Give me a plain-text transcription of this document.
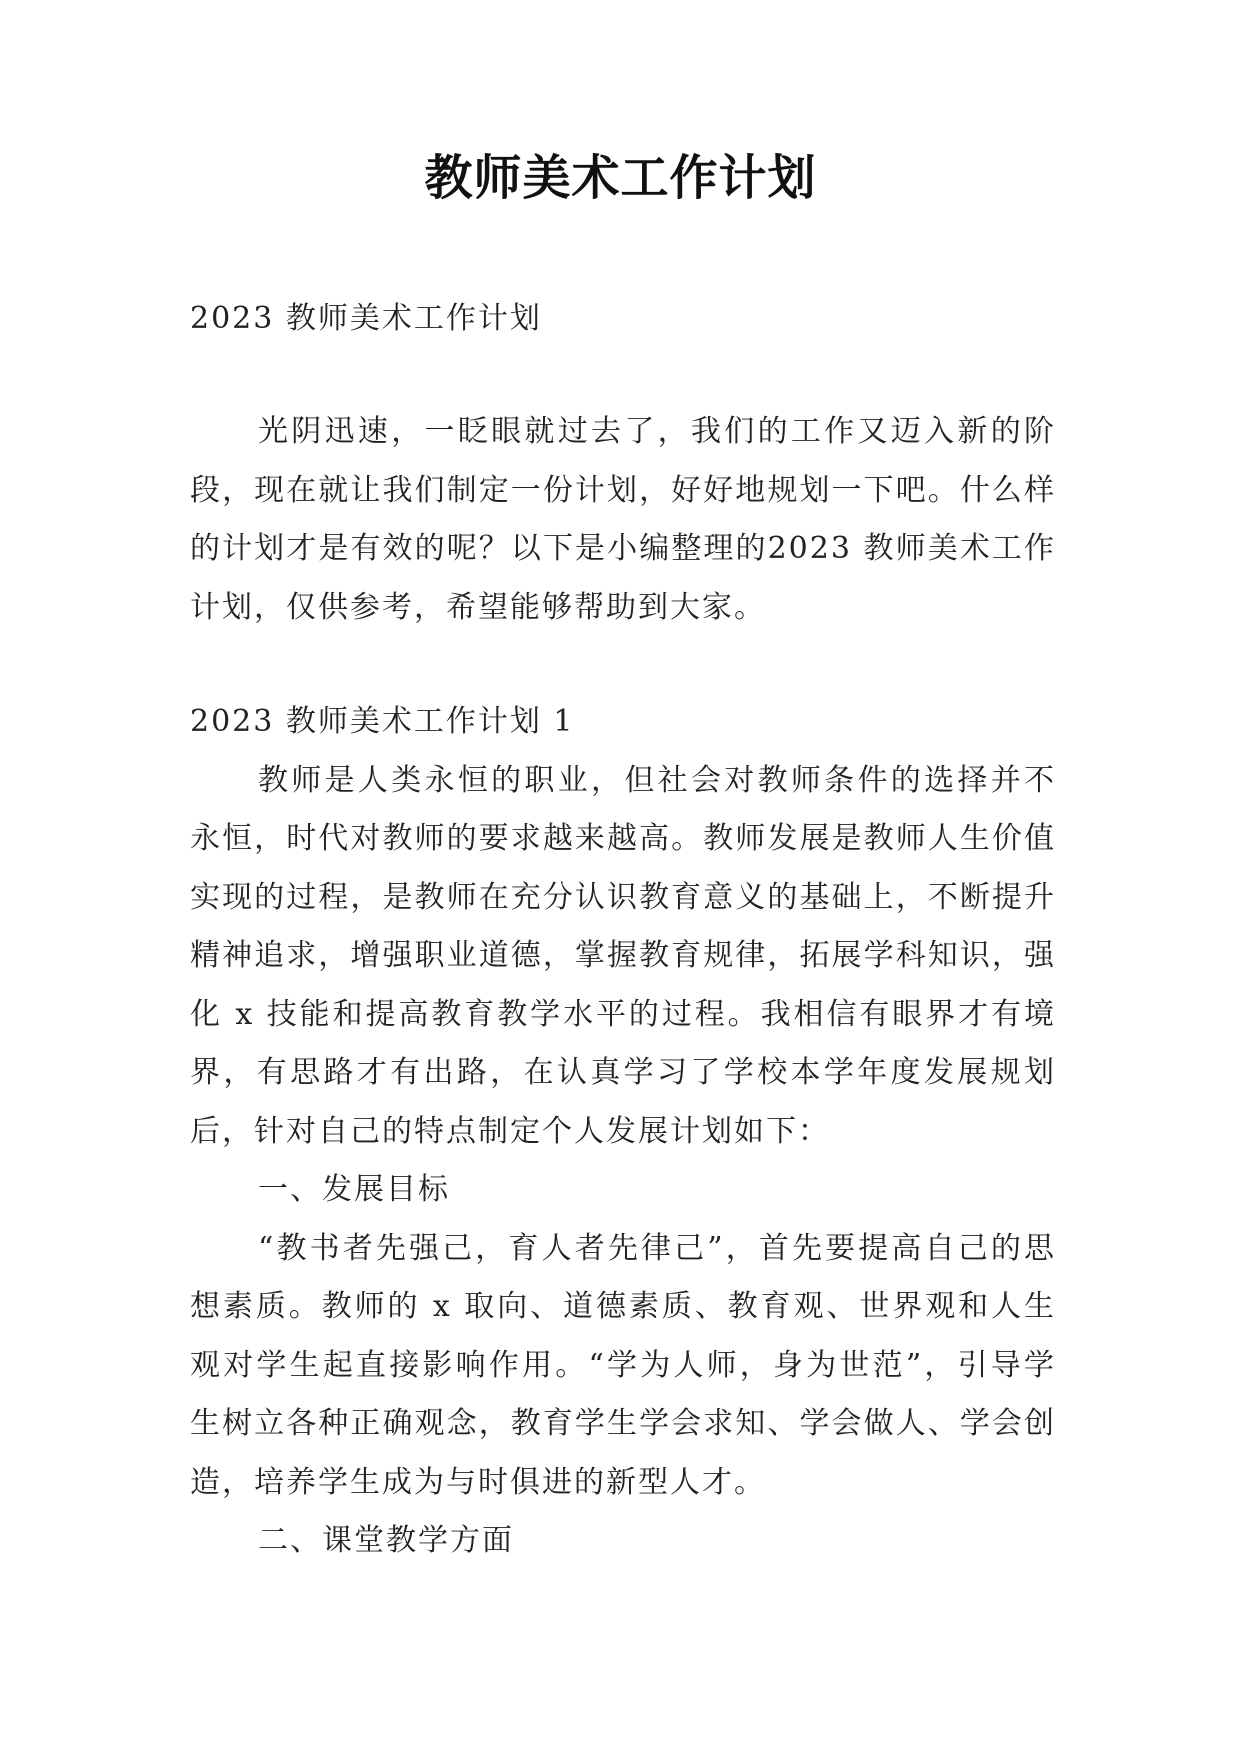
教师美术工作计划

2023 教师美术工作计划

光阴迅速，一眨眼就过去了，我们的工作又迈入新的阶段，现在就让我们制定一份计划，好好地规划一下吧。什么样的计划才是有效的呢？以下是小编整理的2023 教师美术工作计划，仅供参考，希望能够帮助到大家。

2023 教师美术工作计划 1

教师是人类永恒的职业，但社会对教师条件的选择并不永恒，时代对教师的要求越来越高。教师发展是教师人生价值实现的过程，是教师在充分认识教育意义的基础上，不断提升精神追求，增强职业道德，掌握教育规律，拓展学科知识，强化 x 技能和提高教育教学水平的过程。我相信有眼界才有境界，有思路才有出路，在认真学习了学校本学年度发展规划后，针对自己的特点制定个人发展计划如下：

一、发展目标

“教书者先强己，育人者先律己”，首先要提高自己的思想素质。教师的 x 取向、道德素质、教育观、世界观和人生观对学生起直接影响作用。“学为人师，身为世范”，引导学生树立各种正确观念，教育学生学会求知、学会做人、学会创造，培养学生成为与时俱进的新型人才。

二、课堂教学方面
